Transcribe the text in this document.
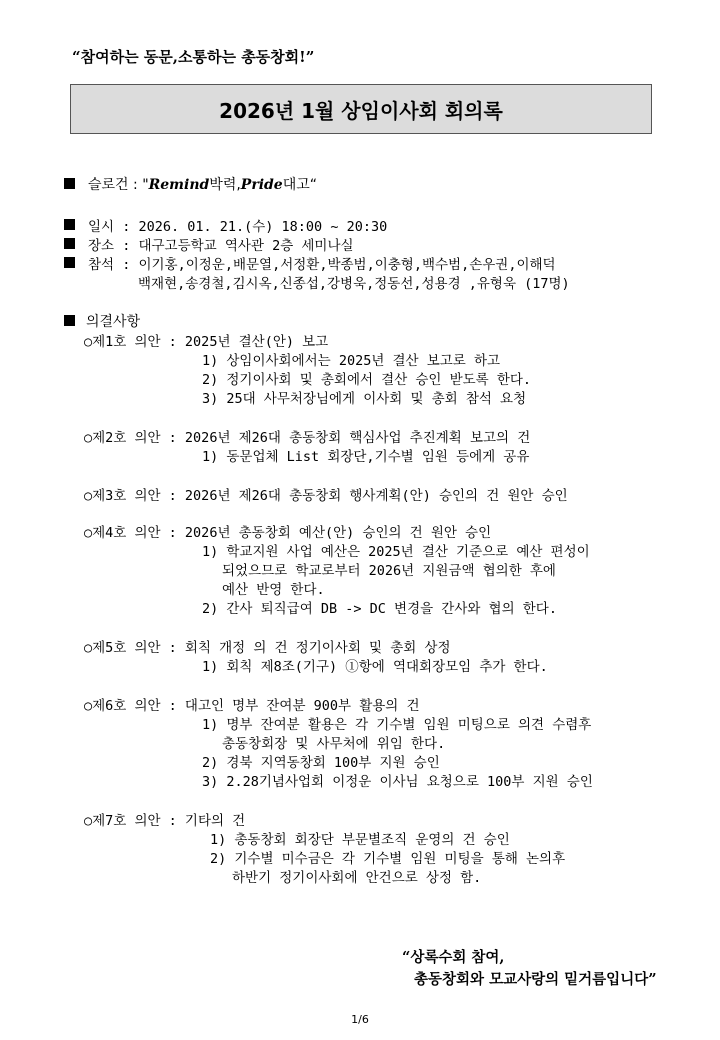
“참여하는 동문,소통하는 총동창회!”
2026년 1월 상임이사회 회의록
슬로건 : "Remind박력,Pride대고“
일시 : 2026. 01. 21.(수) 18:00 ~ 20:30
장소 : 대구고등학교 역사관 2층 세미나실
참석 : 이기홍,이정운,배문열,서정환,박종범,이충형,백수범,손우권,이해덕
백재현,송경철,김시옥,신종섭,강병욱,정동선,성용경 ,유형욱 (17명)
의결사항
○제1호 의안 : 2025년 결산(안) 보고
1) 상임이사회에서는 2025년 결산 보고로 하고
2) 정기이사회 및 총회에서 결산 승인 받도록 한다.
3) 25대 사무처장님에게 이사회 및 총회 참석 요청
○제2호 의안 : 2026년 제26대 총동창회 핵심사업 추진계획 보고의 건
1) 동문업체 List 회장단,기수별 임원 등에게 공유
○제3호 의안 : 2026년 제26대 총동창회 행사계획(안) 승인의 건 원안 승인
○제4호 의안 : 2026년 총동창회 예산(안) 승인의 건 원안 승인
1) 학교지원 사업 예산은 2025년 결산 기준으로 예산 편성이
되었으므로 학교로부터 2026년 지원금액 협의한 후에
예산 반영 한다.
2) 간사 퇴직급여 DB -> DC 변경을 간사와 협의 한다.
○제5호 의안 : 회칙 개정 의 건 정기이사회 및 총회 상정
1) 회칙 제8조(기구) ①항에 역대회장모임 추가 한다.
○제6호 의안 : 대고인 명부 잔여분 900부 활용의 건
1) 명부 잔여분 활용은 각 기수별 임원 미팅으로 의견 수렴후
총동창회장 및 사무처에 위임 한다.
2) 경북 지역동창회 100부 지원 승인
3) 2.28기념사업회 이정운 이사님 요청으로 100부 지원 승인
○제7호 의안 : 기타의 건
1) 총동창회 회장단 부문별조직 운영의 건 승인
2) 기수별 미수금은 각 기수별 임원 미팅을 통해 논의후
하반기 정기이사회에 안건으로 상정 함.
“상록수회 참여,
총동창회와 모교사랑의 밑거름입니다”
1/6
